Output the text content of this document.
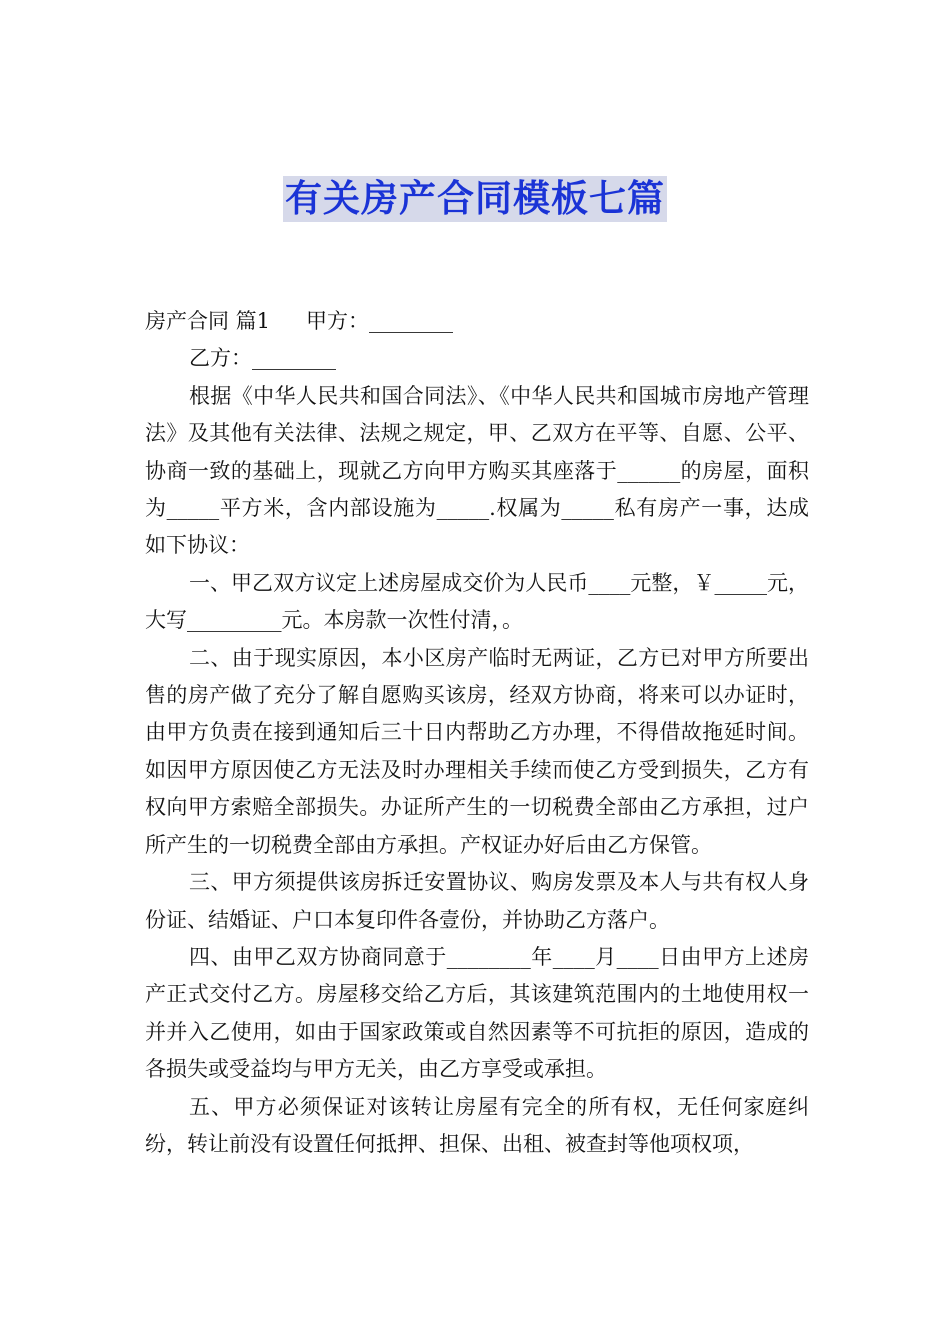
有关房产合同模板七篇

房产合同 篇1 甲方：________

乙方：________

根据《中华人民共和国合同法》、《中华人民共和国城市房地产管理法》及其他有关法律、法规之规定，甲、乙双方在平等、自愿、公平、协商一致的基础上，现就乙方向甲方购买其座落于______的房屋，面积为_____平方米，含内部设施为_____.权属为_____私有房产一事，达成如下协议：

一、甲乙双方议定上述房屋成交价为人民币____元整，￥_____元，大写_________元。本房款一次性付清，。

二、由于现实原因，本小区房产临时无两证，乙方已对甲方所要出售的房产做了充分了解自愿购买该房，经双方协商，将来可以办证时，由甲方负责在接到通知后三十日内帮助乙方办理，不得借故拖延时间。如因甲方原因使乙方无法及时办理相关手续而使乙方受到损失，乙方有权向甲方索赔全部损失。办证所产生的一切税费全部由乙方承担，过户所产生的一切税费全部由方承担。产权证办好后由乙方保管。

三、甲方须提供该房拆迁安置协议、购房发票及本人与共有权人身份证、结婚证、户口本复印件各壹份，并协助乙方落户。

四、由甲乙双方协商同意于________年____月____日由甲方上述房产正式交付乙方。房屋移交给乙方后，其该建筑范围内的土地使用权一并并入乙使用，如由于国家政策或自然因素等不可抗拒的原因，造成的各损失或受益均与甲方无关，由乙方享受或承担。

五、甲方必须保证对该转让房屋有完全的所有权，无任何家庭纠纷，转让前没有设置任何抵押、担保、出租、被查封等他项权项，
